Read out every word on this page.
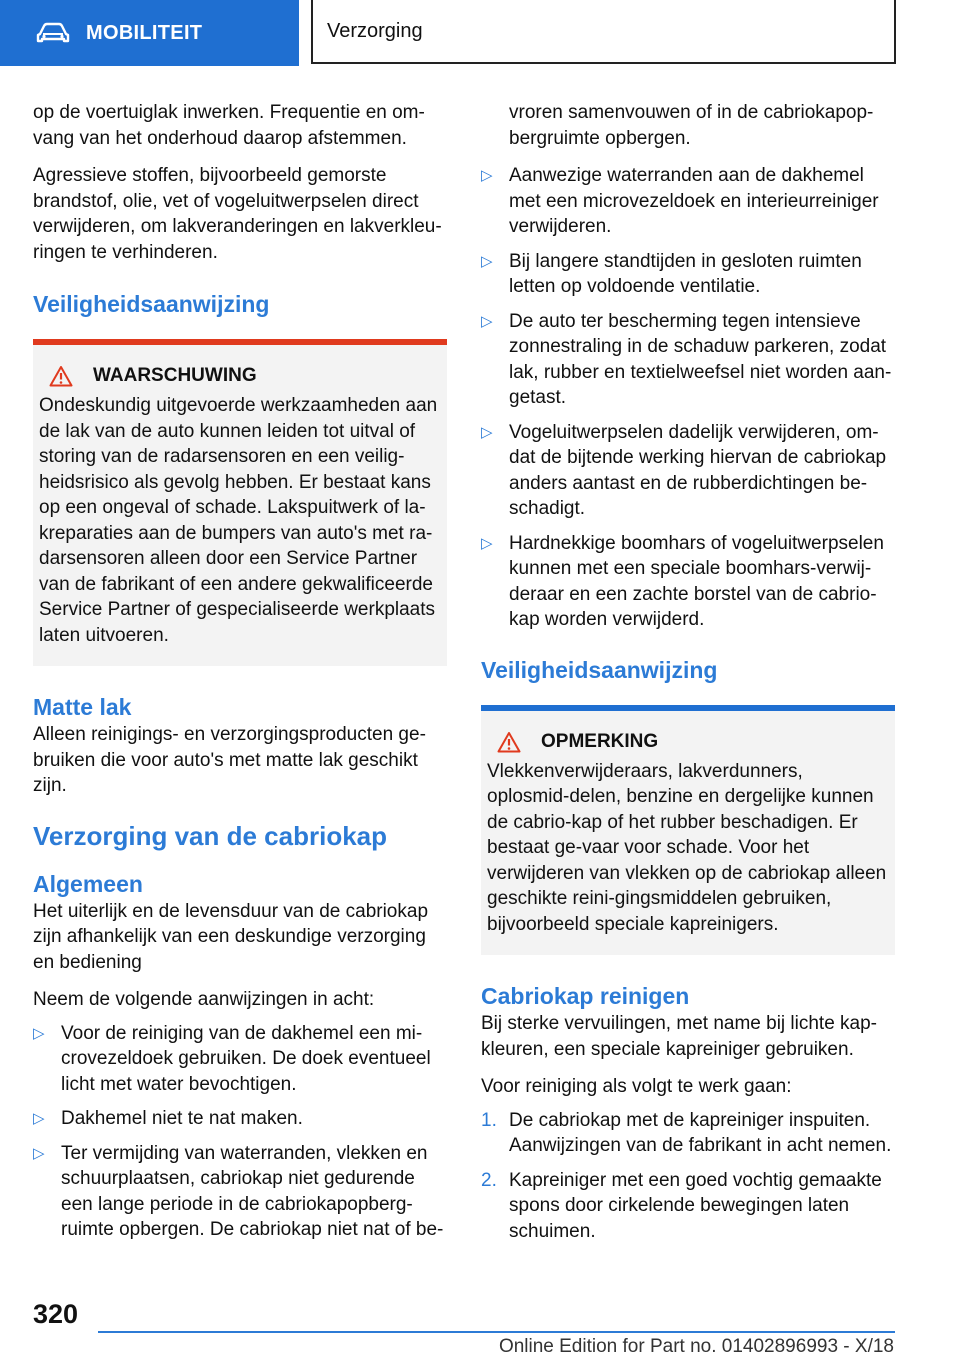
MOBILITEIT	Verzorging

op de voertuiglak inwerken. Frequentie en om-vang van het onderhoud daarop afstemmen.

Agressieve stoffen, bijvoorbeeld gemorste brandstof, olie, vet of vogeluitwerpselen direct verwijderen, om lakveranderingen en lakverkleu-ringen te verhinderen.

Veiligheidsaanwijzing
WAARSCHUWING

Ondeskundig uitgevoerde werkzaamheden aan de lak van de auto kunnen leiden tot uitval of storing van de radarsensoren en een veilig-heidsrisico als gevolg hebben. Er bestaat kans op een ongeval of schade. Lakspuitwerk of la-kreparaties aan de bumpers van auto's met ra-darsensoren alleen door een Service Partner van de fabrikant of een andere gekwalificeerde Service Partner of gespecialiseerde werkplaats laten uitvoeren.

Matte lak

Alleen reinigings- en verzorgingsproducten ge-bruiken die voor auto's met matte lak geschikt zijn.

Verzorging van de cabriokap
Algemeen

Het uiterlijk en de levensduur van de cabriokap zijn afhankelijk van een deskundige verzorging en bediening

Neem de volgende aanwijzingen in acht:

▷ Voor de reiniging van de dakhemel een mi-crovezeldoek gebruiken. De doek eventueel licht met water bevochtigen.

▷ Dakhemel niet te nat maken.

▷ Ter vermijding van waterranden, vlekken en schuurplaatsen, cabriokap niet gedurende een lange periode in de cabriokapopberg-ruimte opbergen. De cabriokap niet nat of be-

vroren samenvouwen of in de cabriokapop-bergruimte opbergen.

▷ Aanwezige waterranden aan de dakhemel met een microvezeldoek en interieurreiniger verwijderen.

▷ Bij langere standtijden in gesloten ruimten letten op voldoende ventilatie.

▷ De auto ter bescherming tegen intensieve zonnestraling in de schaduw parkeren, zodat lak, rubber en textielweefsel niet worden aan-getast.

▷ Vogeluitwerpselen dadelijk verwijderen, om-dat de bijtende werking hiervan de cabriokap anders aantast en de rubberdichtingen be-schadigt.

▷ Hardnekkige boomhars of vogeluitwerpselen kunnen met een speciale boomhars-verwij-deraar en een zachte borstel van de cabrio-kap worden verwijderd.

Veiligheidsaanwijzing
OPMERKING

Vlekkenverwijderaars, lakverdunners, oplosmid-delen, benzine en dergelijke kunnen de cabrio-kap of het rubber beschadigen. Er bestaat ge-vaar voor schade. Voor het verwijderen van vlekken op de cabriokap alleen geschikte reini-gingsmiddelen gebruiken, bijvoorbeeld speciale kapreinigers.

Cabriokap reinigen

Bij sterke vervuilingen, met name bij lichte kap-kleuren, een speciale kapreiniger gebruiken.

Voor reiniging als volgt te werk gaan:

1. De cabriokap met de kapreiniger inspuiten. Aanwijzingen van de fabrikant in acht nemen.

2. Kapreiniger met een goed vochtig gemaakte spons door cirkelende bewegingen laten schuimen.

320
Online Edition for Part no. 01402896993 - X/18
